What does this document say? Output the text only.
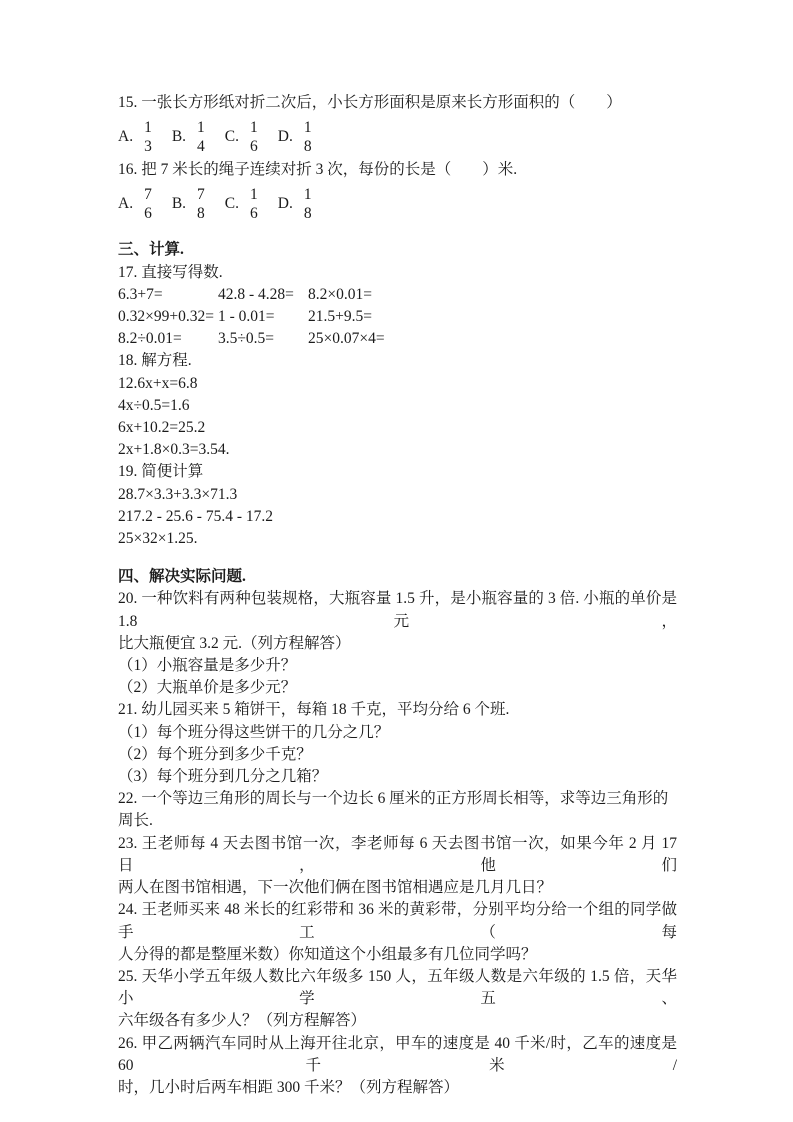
15. 一张长方形纸对折二次后，小长方形面积是原来长方形面积的（　　）

A.
1
3
B.
1
4
C.
1
6
D.
1
8

16. 把 7 米长的绳子连续对折 3 次，每份的长是（　　）米.

A.
7
6
B.
7
8
C.
1
6
D.
1
8

三、计算.

17. 直接写得数.

6.3+7=	42.8 - 4.28= 8.2×0.01=

0.32×99+0.32= 1 - 0.01=	21.5+9.5=

8.2÷0.01=	3.5÷0.5=	25×0.07×4=

18. 解方程.

12.6x+x=6.8

4x÷0.5=1.6

6x+10.2=25.2

2x+1.8×0.3=3.54.

19. 简便计算

28.7×3.3+3.3×71.3

217.2 - 25.6 - 75.4 - 17.2

25×32×1.25.

四、解决实际问题.

20. 一种饮料有两种包装规格，大瓶容量 1.5 升，是小瓶容量的 3 倍. 小瓶的单价是 1.8 元，

比大瓶便宜 3.2 元.（列方程解答）

（1）小瓶容量是多少升？

（2）大瓶单价是多少元？

21. 幼儿园买来 5 箱饼干，每箱 18 千克，平均分给 6 个班.

（1）每个班分得这些饼干的几分之几？

（2）每个班分到多少千克？

（3）每个班分到几分之几箱？

22. 一个等边三角形的周长与一个边长 6 厘米的正方形周长相等，求等边三角形的周长.

23. 王老师每 4 天去图书馆一次，李老师每 6 天去图书馆一次，如果今年 2 月 17 日，他们

两人在图书馆相遇，下一次他们俩在图书馆相遇应是几月几日？

24. 王老师买来 48 米长的红彩带和 36 米的黄彩带，分别平均分给一个组的同学做手工（每

人分得的都是整厘米数）你知道这个小组最多有几位同学吗？

25. 天华小学五年级人数比六年级多 150 人，五年级人数是六年级的 1.5 倍，天华小学五、

六年级各有多少人？（列方程解答）

26. 甲乙两辆汽车同时从上海开往北京，甲车的速度是 40 千米/时，乙车的速度是 60 千米/

时，几小时后两车相距 300 千米？（列方程解答）
